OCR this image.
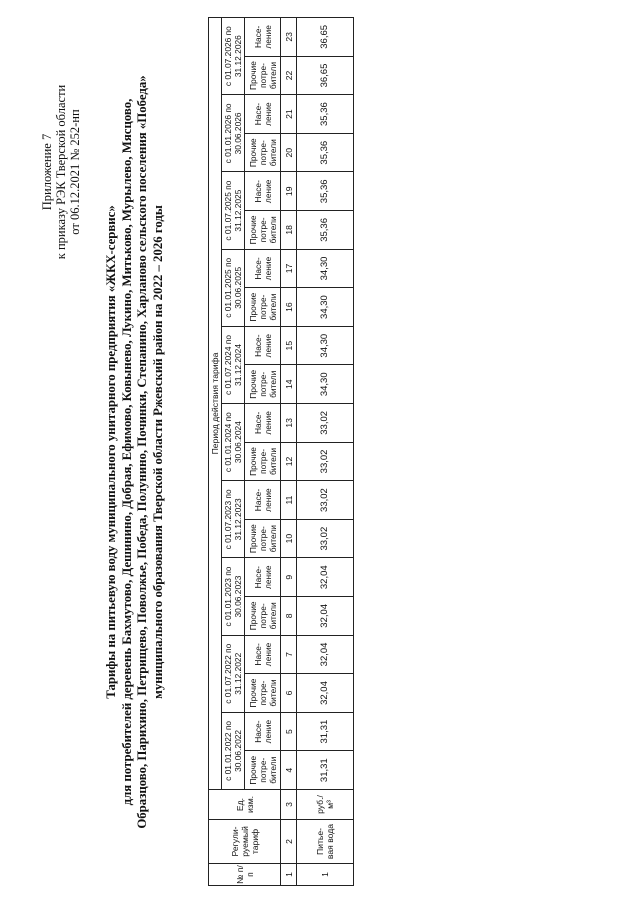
Приложение 7 к приказу РЭК Тверской области от 06.12.2021 № 252-нп
Тарифы на питьевую воду муниципального унитарного предприятия «ЖКХ-сервис» для потребителей деревень Бахмутово, Дешинино, Добрая, Ефимово, Ковынево, Лукино, Митьково, Мурылево, Мясцово, Образцово, Парихино, Петрищево, Поволжье, Победа, Полунино, Починки, Степанино, Харланово сельского поселения «Победа» муниципального образования Тверской области Ржевский район на 2022 – 2026 годы
№ п/п	Регули- руемый тариф	Ед. изм.	Период действия тарифа																			
			с 01.01.2022 по 30.06.2022		с 01.07.2022 по 31.12.2022		с 01.01.2023 по 30.06.2023		с 01.07.2023 по 31.12.2023		с 01.01.2024 по 30.06.2024		с 01.07.2024 по 31.12.2024		с 01.01.2025 по 30.06.2025		с 01.07.2025 по 31.12.2025		с 01.01.2026 по 30.06.2026		с 01.07.2026 по 31.12.2026	
			Прочие потре- бители	Насе- ление	Прочие потре- бители	Насе- ление	Прочие потре- бители	Насе- ление	Прочие потре- бители	Насе- ление	Прочие потре- бители	Насе- ление	Прочие потре- бители	Насе- ление	Прочие потре- бители	Насе- ление	Прочие потре- бители	Насе- ление	Прочие потре- бители	Насе- ление	Прочие потре- бители	Насе- ление
1	2	3	4	5	6	7	8	9	10	11	12	13	14	15	16	17	18	19	20	21	22	23
1	Питье- вая вода	руб./м³	31,31	31,31	32,04	32,04	32,04	32,04	33,02	33,02	33,02	33,02	34,30	34,30	34,30	34,30	35,36	35,36	35,36	35,36	36,65	36,65
